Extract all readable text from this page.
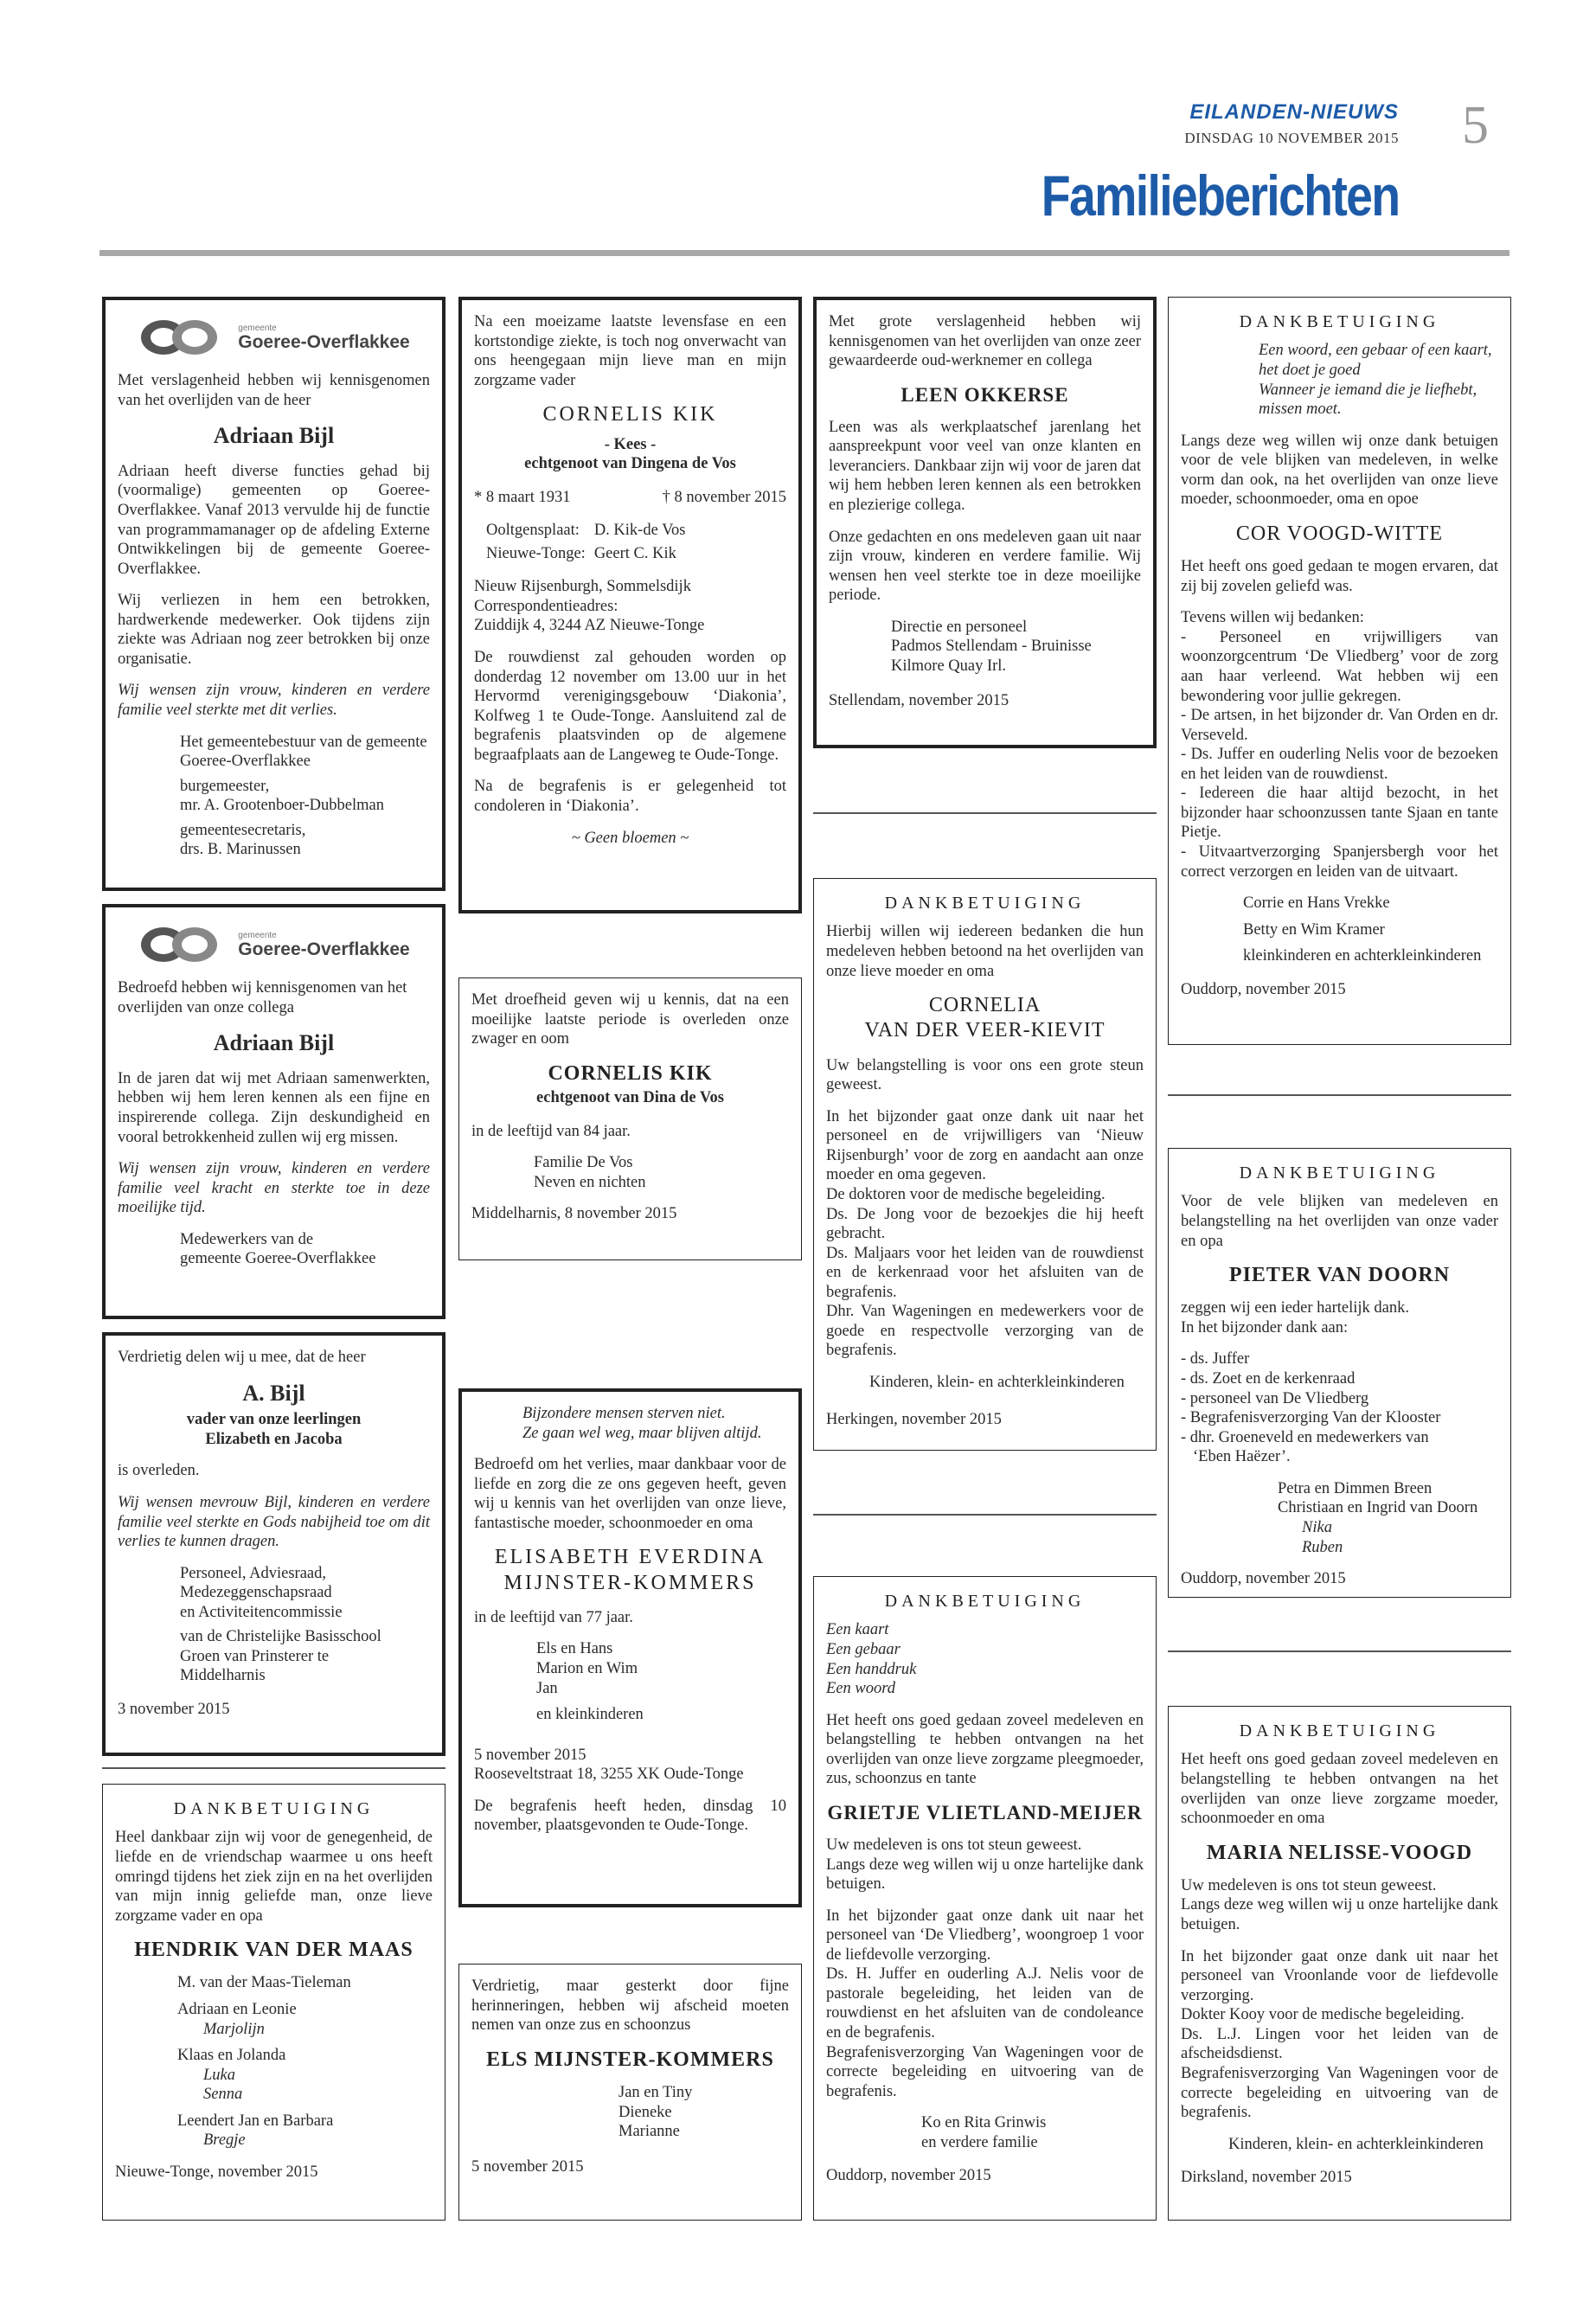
EILANDEN-NIEUWS
DINSDAG 10 NOVEMBER 2015 5
Familieberichten
gemeente
Goeree-Overflakkee

Met verslagenheid hebben wij kennisgenomen van het overlijden van de heer

Adriaan Bijl

Adriaan heeft diverse functies gehad bij (voormalige) gemeenten op Goeree-Overflakkee. Vanaf 2013 vervulde hij de functie van programmamanager op de afdeling Externe Ontwikkelingen bij de gemeente Goeree-Overflakkee.

Wij verliezen in hem een betrokken, hardwerkende medewerker. Ook tijdens zijn ziekte was Adriaan nog zeer betrokken bij onze organisatie.

Wij wensen zijn vrouw, kinderen en verdere familie veel sterkte met dit verlies.

Het gemeentebestuur van de gemeente Goeree-Overflakkee

burgemeester,

mr. A. Grootenboer-Dubbelman

gemeentesecretaris,

drs. B. Marinussen

gemeente
Goeree-Overflakkee

Bedroefd hebben wij kennisgenomen van het overlijden van onze collega

Adriaan Bijl

In de jaren dat wij met Adriaan samenwerkten, hebben wij hem leren kennen als een fijne en inspirerende collega. Zijn deskundigheid en vooral betrokkenheid zullen wij erg missen.

Wij wensen zijn vrouw, kinderen en verdere familie veel kracht en sterkte toe in deze moeilijke tijd.

Medewerkers van de

gemeente Goeree-Overflakkee

Verdrietig delen wij u mee, dat de heer

A. Bijl

vader van onze leerlingen

Elizabeth en Jacoba

is overleden.

Wij wensen mevrouw Bijl, kinderen en verdere familie veel sterkte en Gods nabijheid toe om dit verlies te kunnen dragen.

Personeel, Adviesraad,

Medezeggenschapsraad

en Activiteitencommissie

van de Christelijke Basisschool

Groen van Prinsterer te

Middelharnis

3 november 2015

DANKBETUIGING

Heel dankbaar zijn wij voor de genegenheid, de liefde en de vriendschap waarmee u ons heeft omringd tijdens het ziek zijn en na het overlijden van mijn innig geliefde man, onze lieve zorgzame vader en opa

HENDRIK VAN DER MAAS

M. van der Maas-Tieleman

Adriaan en Leonie

Marjolijn

Klaas en Jolanda

Luka

Senna

Leendert Jan en Barbara

Bregje

Nieuwe-Tonge, november 2015

Na een moeizame laatste levensfase en een kortstondige ziekte, is toch nog onverwacht van ons heengegaan mijn lieve man en mijn zorgzame vader

CORNELIS KIK

- Kees -

echtgenoot van Dingena de Vos

* 8 maart 1931	† 8 november 2015
Ooltgensplaat:	D. Kik-de Vos
Nieuwe-Tonge:	Geert C. Kik

Nieuw Rijsenburgh, Sommelsdijk

Correspondentieadres:

Zuiddijk 4, 3244 AZ Nieuwe-Tonge

De rouwdienst zal gehouden worden op donderdag 12 november om 13.00 uur in het Hervormd verenigingsgebouw ‘Diakonia’, Kolfweg 1 te Oude-Tonge. Aansluitend zal de begrafenis plaatsvinden op de algemene begraafplaats aan de Langeweg te Oude-Tonge.

Na de begrafenis is er gelegenheid tot condoleren in ‘Diakonia’.

~ Geen bloemen ~

Met droefheid geven wij u kennis, dat na een moeilijke laatste periode is overleden onze zwager en oom

CORNELIS KIK

echtgenoot van Dina de Vos

in de leeftijd van 84 jaar.

Familie De Vos

Neven en nichten

Middelharnis, 8 november 2015

Bijzondere mensen sterven niet.

Ze gaan wel weg, maar blijven altijd.

Bedroefd om het verlies, maar dankbaar voor de liefde en zorg die ze ons gegeven heeft, geven wij u kennis van het overlijden van onze lieve, fantastische moeder, schoonmoeder en oma

ELISABETH EVERDINA
MIJNSTER-KOMMERS

in de leeftijd van 77 jaar.

Els en Hans

Marion en Wim

Jan

en kleinkinderen

5 november 2015

Rooseveltstraat 18, 3255 XK Oude-Tonge

De begrafenis heeft heden, dinsdag 10 november, plaatsgevonden te Oude-Tonge.

Verdrietig, maar gesterkt door fijne herinneringen, hebben wij afscheid moeten nemen van onze zus en schoonzus

ELS MIJNSTER-KOMMERS

Jan en Tiny

Dieneke

Marianne

5 november 2015

Met grote verslagenheid hebben wij kennisgenomen van het overlijden van onze zeer gewaardeerde oud-werknemer en collega

LEEN OKKERSE

Leen was als werkplaatschef jarenlang het aanspreekpunt voor veel van onze klanten en leveranciers. Dankbaar zijn wij voor de jaren dat wij hem hebben leren kennen als een betrokken en plezierige collega.

Onze gedachten en ons medeleven gaan uit naar zijn vrouw, kinderen en verdere familie. Wij wensen hen veel sterkte toe in deze moeilijke periode.

Directie en personeel

Padmos Stellendam - Bruinisse

Kilmore Quay Irl.

Stellendam, november 2015

DANKBETUIGING

Hierbij willen wij iedereen bedanken die hun medeleven hebben betoond na het overlijden van onze lieve moeder en oma

CORNELIA
VAN DER VEER-KIEVIT

Uw belangstelling is voor ons een grote steun geweest.

In het bijzonder gaat onze dank uit naar het personeel en de vrijwilligers van ‘Nieuw Rijsenburgh’ voor de zorg en aandacht aan onze moeder en oma gegeven.

De doktoren voor de medische begeleiding.

Ds. De Jong voor de bezoekjes die hij heeft gebracht.

Ds. Maljaars voor het leiden van de rouwdienst en de kerkenraad voor het afsluiten van de begrafenis.

Dhr. Van Wageningen en medewerkers voor de goede en respectvolle verzorging van de begrafenis.

Kinderen, klein- en achterkleinkinderen

Herkingen, november 2015

DANKBETUIGING

Een kaart

Een gebaar

Een handdruk

Een woord

Het heeft ons goed gedaan zoveel medeleven en belangstelling te hebben ontvangen na het overlijden van onze lieve zorgzame pleegmoeder, zus, schoonzus en tante

GRIETJE VLIETLAND-MEIJER

Uw medeleven is ons tot steun geweest.

Langs deze weg willen wij u onze hartelijke dank betuigen.

In het bijzonder gaat onze dank uit naar het personeel van ‘De Vliedberg’, woongroep 1 voor de liefdevolle verzorging.

Ds. H. Juffer en ouderling A.J. Nelis voor de pastorale begeleiding, het leiden van de rouwdienst en het afsluiten van de condoleance en de begrafenis.

Begrafenisverzorging Van Wageningen voor de correcte begeleiding en uitvoering van de begrafenis.

Ko en Rita Grinwis

en verdere familie

Ouddorp, november 2015

DANKBETUIGING

Een woord, een gebaar of een kaart,

het doet je goed

Wanneer je iemand die je liefhebt,

missen moet.

Langs deze weg willen wij onze dank betuigen voor de vele blijken van medeleven, in welke vorm dan ook, na het overlijden van onze lieve moeder, schoonmoeder, oma en opoe

COR VOOGD-WITTE

Het heeft ons goed gedaan te mogen ervaren, dat zij bij zovelen geliefd was.

Tevens willen wij bedanken:

- Personeel en vrijwilligers van woonzorgcentrum ‘De Vliedberg’ voor de zorg aan haar verleend. Wat hebben wij een bewondering voor jullie gekregen.

- De artsen, in het bijzonder dr. Van Orden en dr. Verseveld.

- Ds. Juffer en ouderling Nelis voor de bezoeken en het leiden van de rouwdienst.

- Iedereen die haar altijd bezocht, in het bijzonder haar schoonzussen tante Sjaan en tante Pietje.

- Uitvaartverzorging Spanjersbergh voor het correct verzorgen en leiden van de uitvaart.

Corrie en Hans Vrekke

Betty en Wim Kramer

kleinkinderen en achterkleinkinderen

Ouddorp, november 2015

DANKBETUIGING

Voor de vele blijken van medeleven en belangstelling na het overlijden van onze vader en opa

PIETER VAN DOORN

zeggen wij een ieder hartelijk dank.

In het bijzonder dank aan:

- ds. Juffer

- ds. Zoet en de kerkenraad

- personeel van De Vliedberg

- Begrafenisverzorging Van der Klooster

- dhr. Groeneveld en medewerkers van

‘Eben Haëzer’.

Petra en Dimmen Breen

Christiaan en Ingrid van Doorn

Nika

Ruben

Ouddorp, november 2015

DANKBETUIGING

Het heeft ons goed gedaan zoveel medeleven en belangstelling te hebben ontvangen na het overlijden van onze lieve zorgzame moeder, schoonmoeder en oma

MARIA NELISSE-VOOGD

Uw medeleven is ons tot steun geweest.

Langs deze weg willen wij u onze hartelijke dank betuigen.

In het bijzonder gaat onze dank uit naar het personeel van Vroonlande voor de liefdevolle verzorging.

Dokter Kooy voor de medische begeleiding.

Ds. L.J. Lingen voor het leiden van de afscheidsdienst.

Begrafenisverzorging Van Wageningen voor de correcte begeleiding en uitvoering van de begrafenis.

Kinderen, klein- en achterkleinkinderen

Dirksland, november 2015
